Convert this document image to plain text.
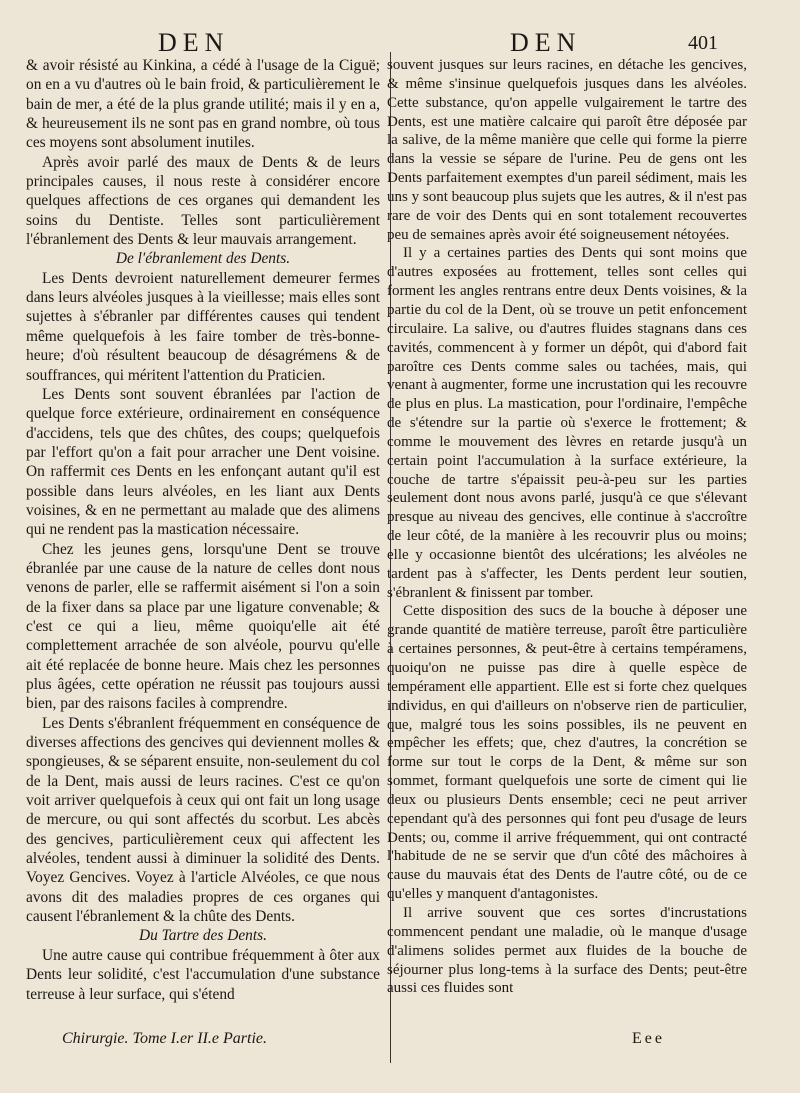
DEN	DEN	401

& avoir résisté au Kinkina, a cédé à l'usage de la Ciguë; on en a vu d'autres où le bain froid, & particulièrement le bain de mer, a été de la plus grande utilité; mais il y en a, & heureusement ils ne sont pas en grand nombre, où tous ces moyens sont absolument inutiles.

Après avoir parlé des maux de Dents & de leurs principales causes, il nous reste à considérer encore quelques affections de ces organes qui demandent les soins du Dentiste. Telles sont particulièrement l'ébranlement des Dents & leur mauvais arrangement.

De l'ébranlement des Dents.

Les Dents devroient naturellement demeurer fermes dans leurs alvéoles jusques à la vieillesse; mais elles sont sujettes à s'ébranler par différentes causes qui tendent même quelquefois à les faire tomber de très-bonne-heure; d'où résultent beaucoup de désagrémens & de souffrances, qui méritent l'attention du Praticien.

Les Dents sont souvent ébranlées par l'action de quelque force extérieure, ordinairement en conséquence d'accidens, tels que des chûtes, des coups; quelquefois par l'effort qu'on a fait pour arracher une Dent voisine. On raffermit ces Dents en les enfonçant autant qu'il est possible dans leurs alvéoles, en les liant aux Dents voisines, & en ne permettant au malade que des alimens qui ne rendent pas la mastication nécessaire.

Chez les jeunes gens, lorsqu'une Dent se trouve ébranlée par une cause de la nature de celles dont nous venons de parler, elle se raffermit aisément si l'on a soin de la fixer dans sa place par une ligature convenable; & c'est ce qui a lieu, même quoiqu'elle ait été complettement arrachée de son alvéole, pourvu qu'elle ait été replacée de bonne heure. Mais chez les personnes plus âgées, cette opération ne réussit pas toujours aussi bien, par des raisons faciles à comprendre.

Les Dents s'ébranlent fréquemment en conséquence de diverses affections des gencives qui deviennent molles & spongieuses, & se séparent ensuite, non-seulement du col de la Dent, mais aussi de leurs racines. C'est ce qu'on voit arriver quelquefois à ceux qui ont fait un long usage de mercure, ou qui sont affectés du scorbut. Les abcès des gencives, particulièrement ceux qui affectent les alvéoles, tendent aussi à diminuer la solidité des Dents. Voyez Gencives. Voyez à l'article Alvéoles, ce que nous avons dit des maladies propres de ces organes qui causent l'ébranlement & la chûte des Dents.

Du Tartre des Dents.

Une autre cause qui contribue fréquemment à ôter aux Dents leur solidité, c'est l'accumulation d'une substance terreuse à leur surface, qui s'étend

souvent jusques sur leurs racines, en détache les gencives, & même s'insinue quelquefois jusques dans les alvéoles. Cette substance, qu'on appelle vulgairement le tartre des Dents, est une matière calcaire qui paroît être déposée par la salive, de la même manière que celle qui forme la pierre dans la vessie se sépare de l'urine. Peu de gens ont les Dents parfaitement exemptes d'un pareil sédiment, mais les uns y sont beaucoup plus sujets que les autres, & il n'est pas rare de voir des Dents qui en sont totalement recouvertes peu de semaines après avoir été soigneusement nétoyées.

Il y a certaines parties des Dents qui sont moins que d'autres exposées au frottement, telles sont celles qui forment les angles rentrans entre deux Dents voisines, & la partie du col de la Dent, où se trouve un petit enfoncement circulaire. La salive, ou d'autres fluides stagnans dans ces cavités, commencent à y former un dépôt, qui d'abord fait paroître ces Dents comme sales ou tachées, mais, qui venant à augmenter, forme une incrustation qui les recouvre de plus en plus. La mastication, pour l'ordinaire, l'empêche de s'étendre sur la partie où s'exerce le frottement; & comme le mouvement des lèvres en retarde jusqu'à un certain point l'accumulation à la surface extérieure, la couche de tartre s'épaissit peu-à-peu sur les parties seulement dont nous avons parlé, jusqu'à ce que s'élevant presque au niveau des gencives, elle continue à s'accroître de leur côté, de la manière à les recouvrir plus ou moins; elle y occasionne bientôt des ulcérations; les alvéoles ne tardent pas à s'affecter, les Dents perdent leur soutien, s'ébranlent & finissent par tomber.

Cette disposition des sucs de la bouche à déposer une grande quantité de matière terreuse, paroît être particulière à certaines personnes, & peut-être à certains tempéramens, quoiqu'on ne puisse pas dire à quelle espèce de tempérament elle appartient. Elle est si forte chez quelques individus, en qui d'ailleurs on n'observe rien de particulier, que, malgré tous les soins possibles, ils ne peuvent en empêcher les effets; que, chez d'autres, la concrétion se forme sur tout le corps de la Dent, & même sur son sommet, formant quelquefois une sorte de ciment qui lie deux ou plusieurs Dents ensemble; ceci ne peut arriver cependant qu'à des personnes qui font peu d'usage de leurs Dents; ou, comme il arrive fréquemment, qui ont contracté l'habitude de ne se servir que d'un côté des mâchoires à cause du mauvais état des Dents de l'autre côté, ou de ce qu'elles y manquent d'antagonistes.

Il arrive souvent que ces sortes d'incrustations commencent pendant une maladie, où le manque d'usage d'alimens solides permet aux fluides de la bouche de séjourner plus long-tems à la surface des Dents; peut-être aussi ces fluides sont

Chirurgie. Tome I.er II.e Partie.	Eee
